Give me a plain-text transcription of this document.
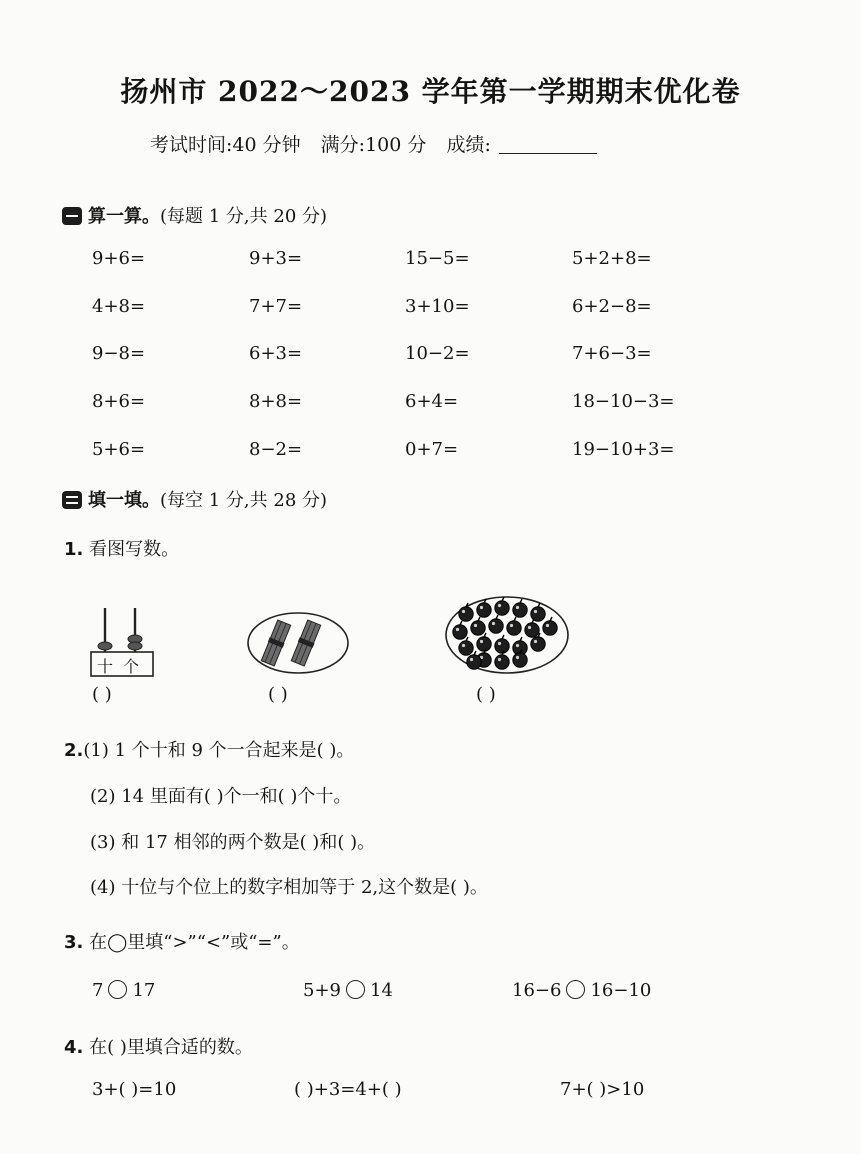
扬州市 2022～2023 学年第一学期期末优化卷
考试时间:40 分钟 满分:100 分 成绩:
算一算。(每题 1 分,共 20 分)
9+6=	9+3=	15−5=	5+2+8=
4+8=	7+7=	3+10=	6+2−8=
9−8=	6+3=	10−2=	7+6−3=
8+6=	8+8=	6+4=	18−10−3=
5+6=	8−2=	0+7=	19−10+3=
填一填。(每空 1 分,共 28 分)
1. 看图写数。
十个
( )	( )	( )
2.(1) 1 个十和 9 个一合起来是( )。
(2) 14 里面有( )个一和( )个十。
(3) 和 17 相邻的两个数是( )和( )。
(4) 十位与个位上的数字相加等于 2,这个数是( )。
3. 在◯里填“>”“<”或“=”。
7 17	5+9 14	16−6 16−10
4. 在( )里填合适的数。
3+( )=10	( )+3=4+( )	7+( )>10
